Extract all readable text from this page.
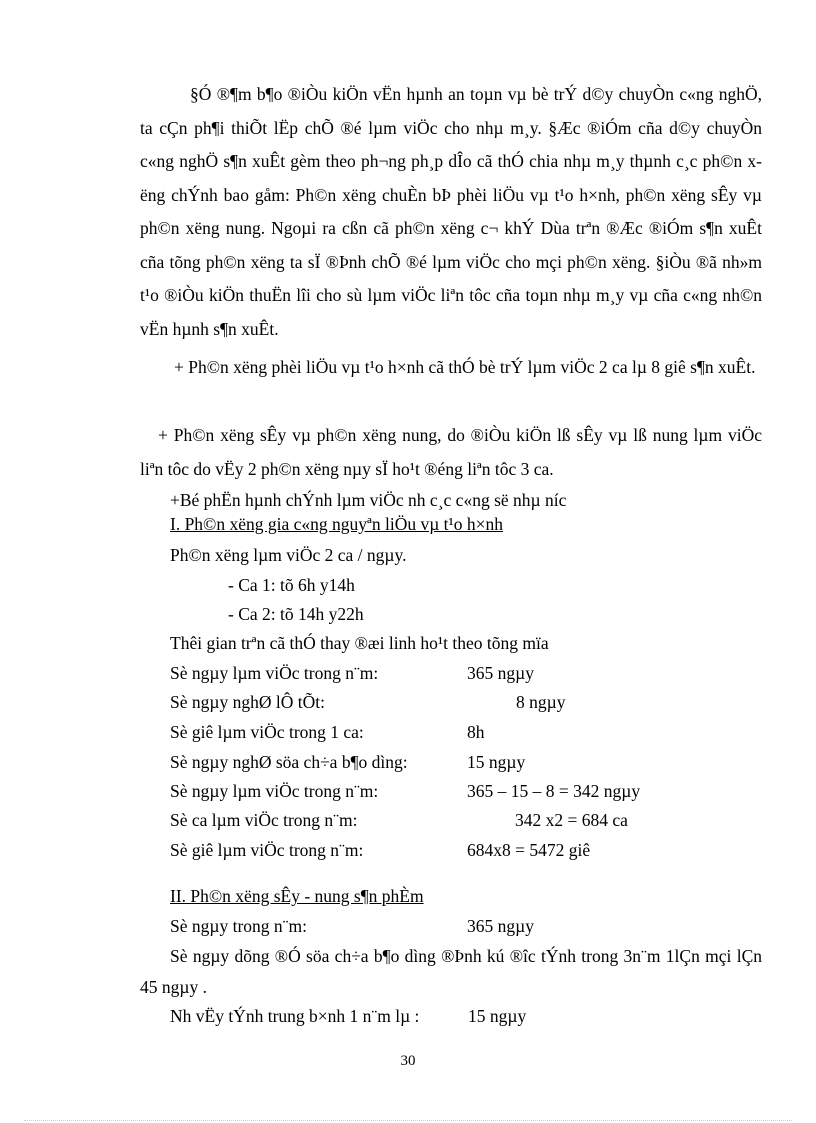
§Ó ®¶m b¶o ®iÒu kiÖn vËn hµnh an toµn vµ bè trÝ d©y chuyÒn c«ng nghÖ, ta cÇn ph¶i thiÕt lËp chÕ ®é lµm viÖc cho nhµ m¸y. §Æc ®iÓm cña d©y chuyÒn c«ng nghÖ s¶n xuÊt gèm theo ph¬ng ph¸p dÎo cã thÓ chia nhµ m¸y thµnh c¸c ph©n xëng chÝnh bao gåm: Ph©n xëng chuÈn bÞ phèi liÖu vµ t¹o h×nh, ph©n xëng sÊy vµ ph©n xëng nung. Ngoµi ra cßn cã ph©n xëng c¬ khÝ Dùa trªn ®Æc ®iÓm s¶n xuÊt cña tõng ph©n xëng ta sÏ ®Þnh chÕ ®é lµm viÖc cho mçi ph©n xëng. §iÒu ®ã nh»m t¹o ®iÒu kiÖn thuËn lîi cho sù lµm viÖc liªn tôc cña toµn nhµ m¸y vµ cña c«ng nh©n vËn hµnh s¶n xuÊt.

+ Ph©n xëng phèi liÖu vµ t¹o h×nh cã thÓ bè trÝ lµm viÖc 2 ca lµ 8 giê s¶n xuÊt.

+ Ph©n xëng sÊy vµ ph©n xëng nung, do ®iÒu kiÖn lß sÊy vµ lß nung lµm viÖc liªn tôc do vËy 2 ph©n xëng nµy sÏ ho¹t ®éng liªn tôc 3 ca.

+Bé phËn hµnh chÝnh lµm viÖc nh c¸c c«ng së nhµ níc

I. Ph©n xëng gia c«ng nguyªn liÖu vµ t¹o h×nh

Ph©n xëng lµm viÖc 2 ca / ngµy.

- Ca 1: tõ 6h y14h

- Ca 2: tõ 14h y22h

Thêi gian trªn cã thÓ thay ®æi linh ho¹t theo tõng mïa

Sè ngµy lµm viÖc trong n¨m:	365 ngµy
Sè ngµy nghØ lÔ tÕt:	8 ngµy
Sè giê lµm viÖc trong 1 ca:	8h
Sè ngµy nghØ söa ch÷a b¶o dìng:	15 ngµy
Sè ngµy lµm viÖc trong n¨m:	365 – 15 – 8 = 342 ngµy
Sè ca lµm viÖc trong n¨m:	342 x2 = 684 ca
Sè giê lµm viÖc trong n¨m:	684x8 = 5472 giê

II. Ph©n xëng sÊy - nung s¶n phÈm

Sè ngµy trong n¨m:	365 ngµy

Sè ngµy dõng ®Ó söa ch÷a b¶o dìng ®Þnh kú ®îc tÝnh trong 3n¨m 1lÇn mçi lÇn 45 ngµy .

Nh vËy tÝnh trung b×nh 1 n¨m lµ :	15 ngµy
30
